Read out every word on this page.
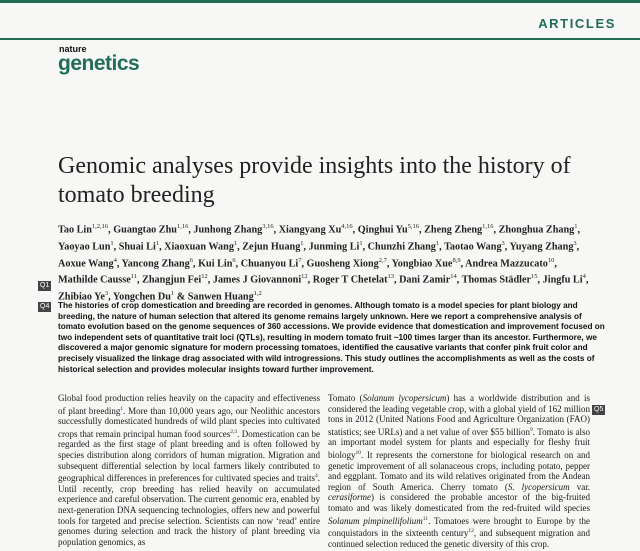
ARTICLES
nature
genetics
Genomic analyses provide insights into the history of tomato breeding
Tao Lin$^{1,2,16}$, Guangtao Zhu$^{1,16}$, Junhong Zhang$^{3,16}$, Xiangyang Xu$^{4,16}$, Qinghui Yu$^{5,16}$, Zheng Zheng$^{1,16}$, Zhonghua Zhang$^1$, Yaoyao Lun$^1$, Shuai Li$^1$, Xiaoxuan Wang$^1$, Zejun Huang$^1$, Junming Li$^1$, Chunzhi Zhang$^1$, Taotao Wang$^3$, Yuyang Zhang$^3$, Aoxue Wang$^4$, Yancong Zhang$^6$, Kui Lin$^6$, Chuanyou Li$^7$, Guosheng Xiong$^{2,7}$, Yongbiao Xue$^{8,9}$, Andrea Mazzucato$^{10}$, Mathilde Causse$^{11}$, Zhangjun Fei$^{12}$, James J Giovannoni$^{12}$, Roger T Chetelat$^{13}$, Dani Zamir$^{14}$, Thomas Städler$^{15}$, Jingfu Li$^4$, Zhibiao Ye$^3$, Yongchen Du$^1$ & Sanwen Huang$^{1,2}$
Q1
Q4
Q5
The histories of crop domestication and breeding are recorded in genomes. Although tomato is a model species for plant biology and breeding, the nature of human selection that altered its genome remains largely unknown. Here we report a comprehensive analysis of tomato evolution based on the genome sequences of 360 accessions. We provide evidence that domestication and improvement focused on two independent sets of quantitative trait loci (QTLs), resulting in modern tomato fruit ~100 times larger than its ancestor. Furthermore, we discovered a major genomic signature for modern processing tomatoes, identified the causative variants that confer pink fruit color and precisely visualized the linkage drag associated with wild introgressions. This study outlines the accomplishments as well as the costs of historical selection and provides molecular insights toward further improvement.
Global food production relies heavily on the capacity and effectiveness of plant breeding$^1$. More than 10,000 years ago, our Neolithic ancestors successfully domesticated hundreds of wild plant species into cultivated crops that remain principal human food sources$^{2,3}$. Domestication can be regarded as the first stage of plant breeding and is often followed by species distribution along corridors of human migration. Migration and subsequent differential selection by local farmers likely contributed to geographical differences in preferences for cultivated species and traits$^4$. Until recently, crop breeding has relied heavily on accumulated experience and careful observation. The current genomic era, enabled by next-generation DNA sequencing technologies, offers new and powerful tools for targeted and precise selection. Scientists can now ‘read’ entire genomes during selection and track the history of plant breeding via population genomics, as
Tomato (Solanum lycopersicum) has a worldwide distribution and is considered the leading vegetable crop, with a global yield of 162 million tons in 2012 (United Nations Food and Agriculture Organization (FAO) statistics; see URLs) and a net value of over $55 billion$^9$. Tomato is also an important model system for plants and especially for fleshy fruit biology$^{10}$. It represents the cornerstone for biological research on and genetic improvement of all solanaceous crops, including potato, pepper and eggplant. Tomato and its wild relatives originated from the Andean region of South America. Cherry tomato (S. lycopersicum var. cerasiforme) is considered the probable ancestor of the big-fruited tomato and was likely domesticated from the red-fruited wild species Solanum pimpinellifolium$^{11}$. Tomatoes were brought to Europe by the conquistadors in the sixteenth century$^{12}$, and subsequent migration and continued selection reduced the genetic diversity of this crop.
